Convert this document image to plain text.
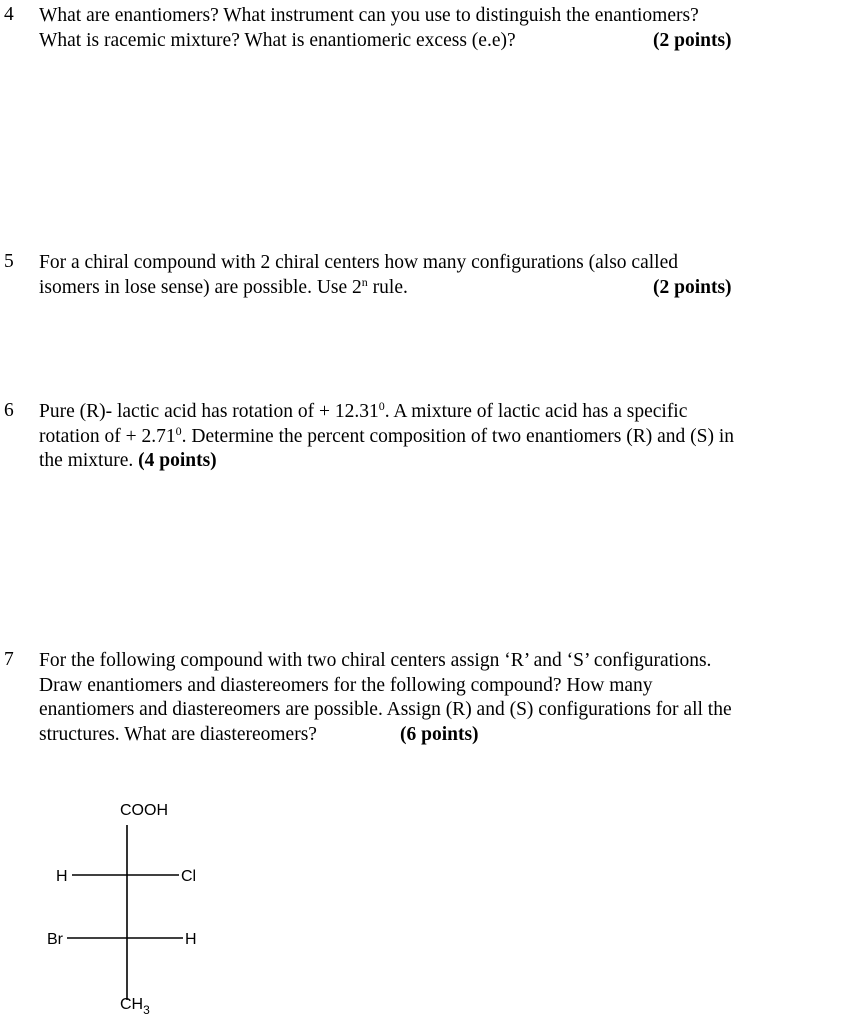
4 What are enantiomers? What instrument can you use to distinguish the enantiomers?
What is racemic mixture? What is enantiomeric excess (e.e)?	(2 points)
5 For a chiral compound with 2 chiral centers how many configurations (also called
isomers in lose sense) are possible. Use 2$^n$ rule.	(2 points)
6 Pure (R)- lactic acid has rotation of + $12.31^0$. A mixture of lactic acid has a specific
rotation of + $2.71^0$. Determine the percent composition of two enantiomers (R) and (S) in
the mixture. (4 points)
7 For the following compound with two chiral centers assign ‘R’ and ‘S’ configurations.
Draw enantiomers and diastereomers for the following compound? How many
enantiomers and diastereomers are possible. Assign (R) and (S) configurations for all the
structures. What are diastereomers?	(6 points)
COOH
H	Cl
Br	H
$CH_3$
